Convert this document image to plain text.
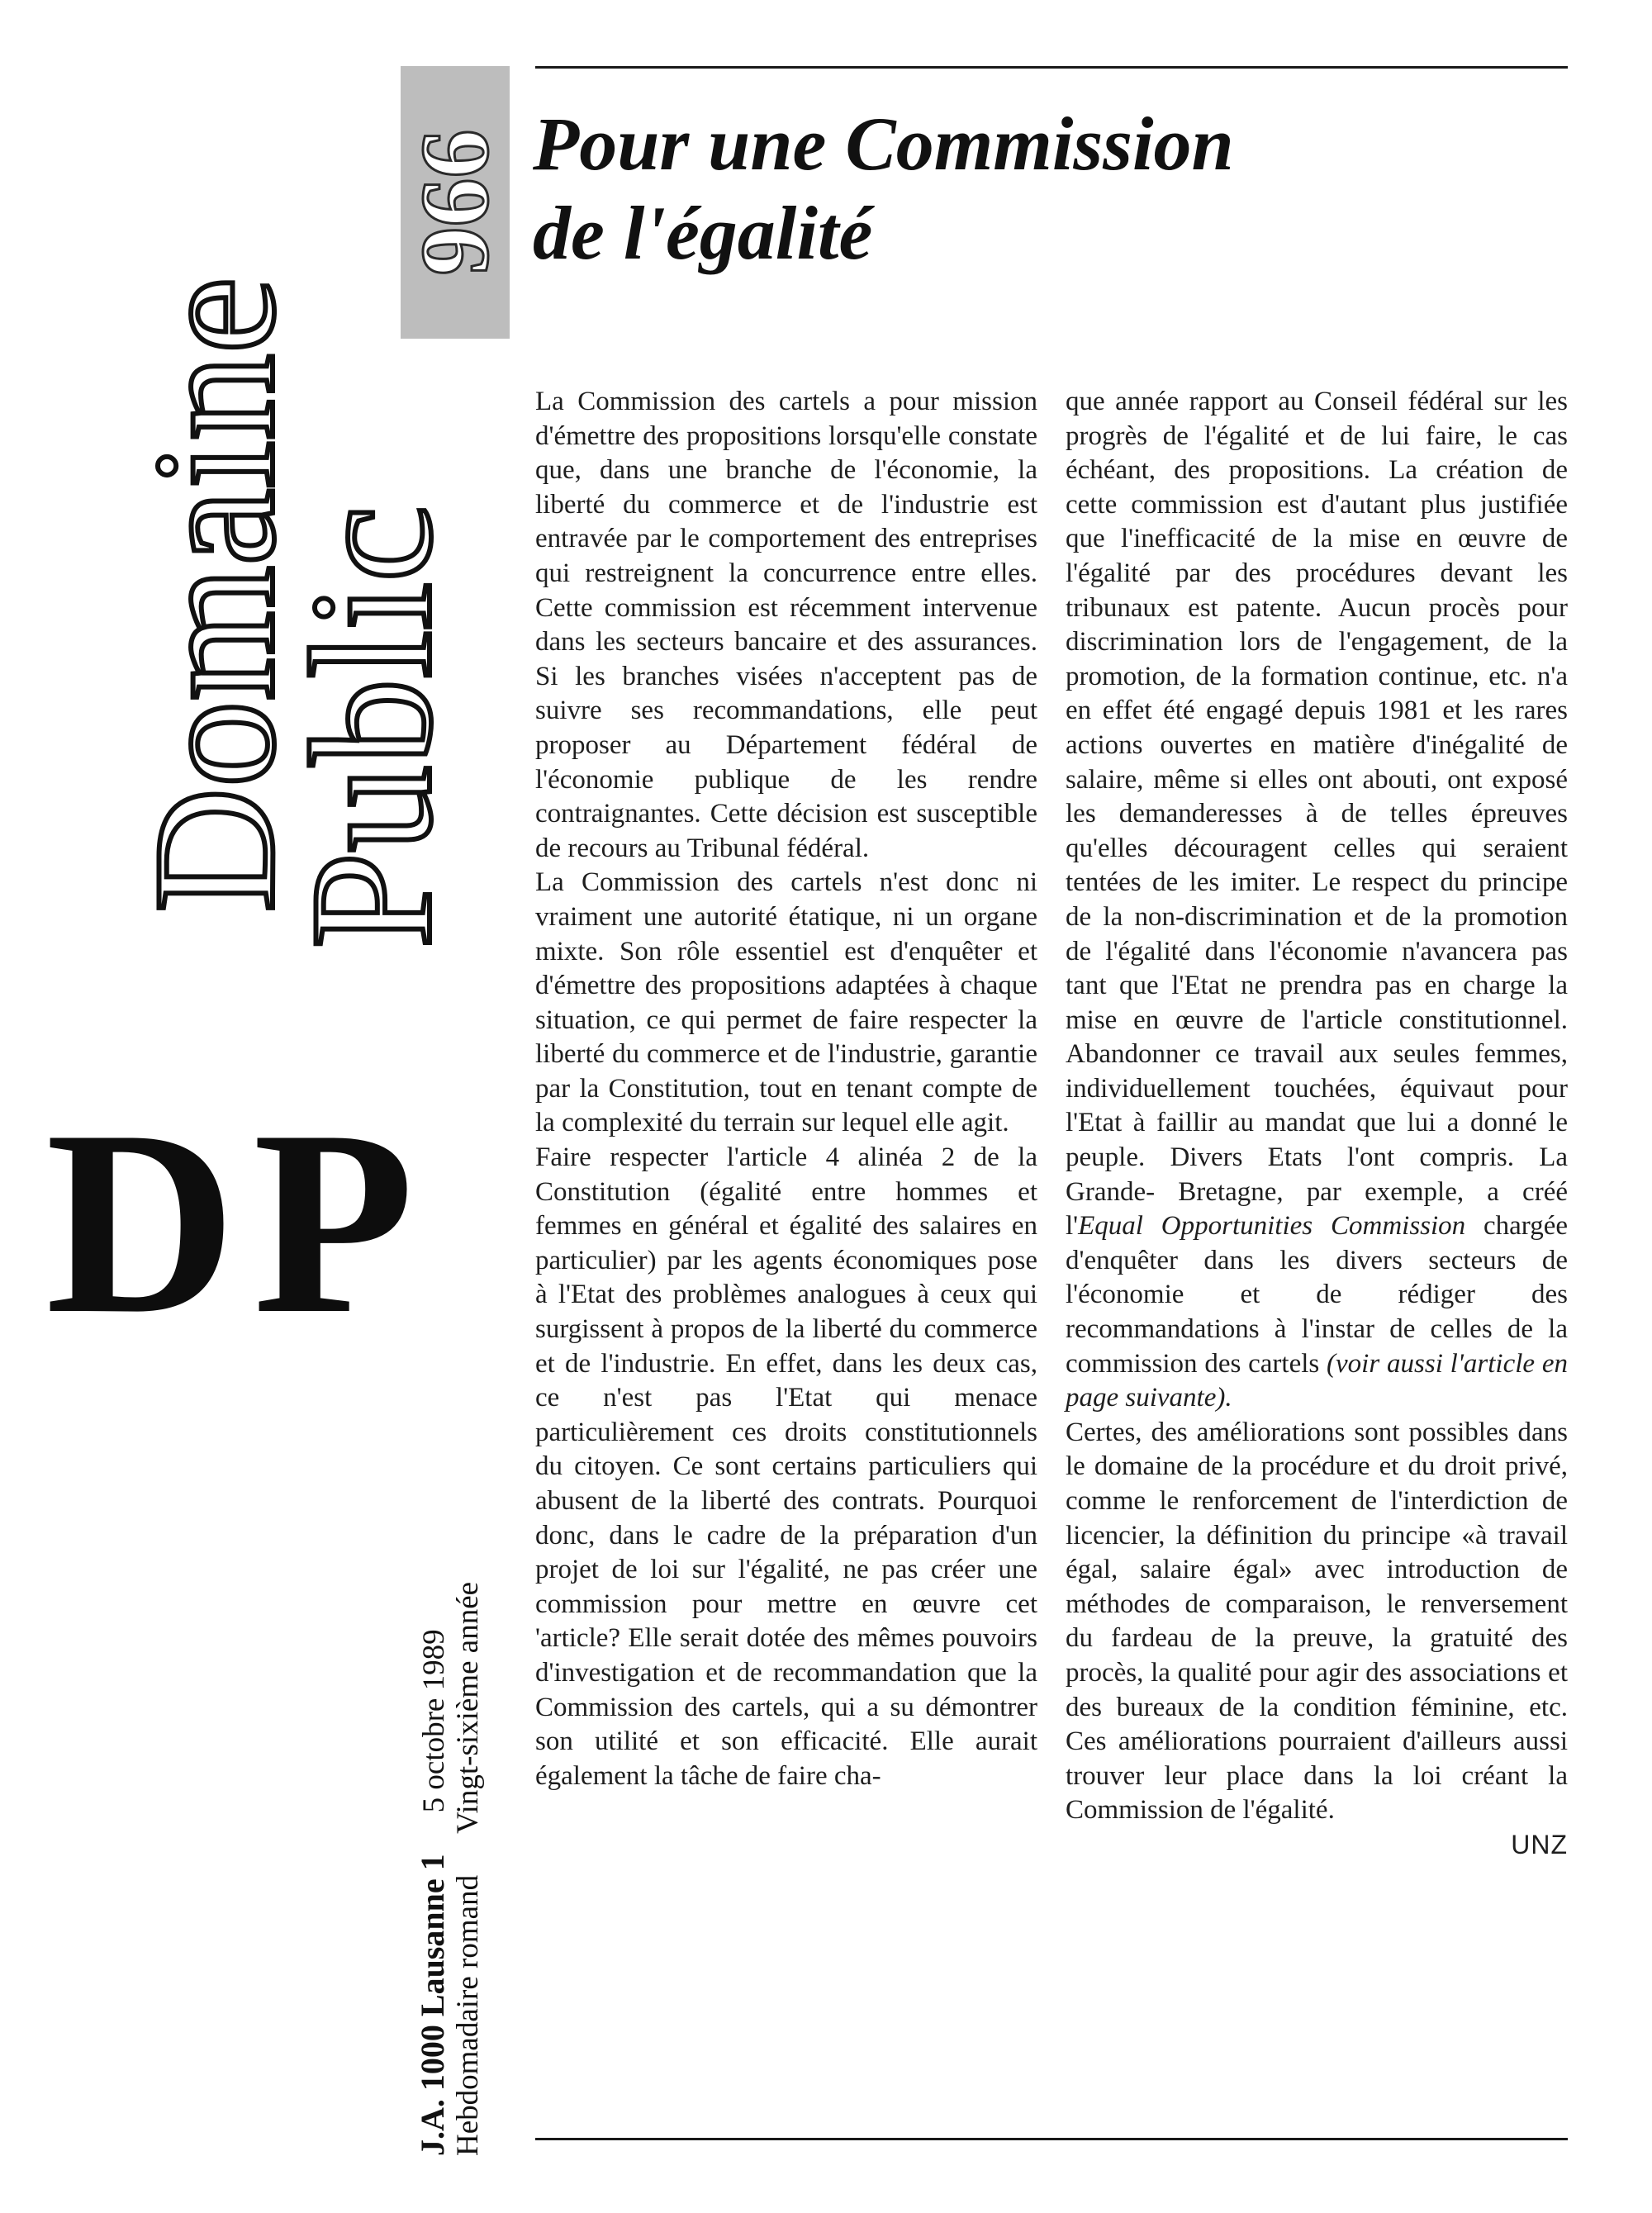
Domaine
Public
966
DP
J.A. 1000 Lausanne 1
5 octobre 1989
Hebdomadaire romand
Vingt-sixième année
Pour une Commission
de l'égalité

La Commission des cartels a pour mission d'émettre des propositions lorsqu'elle constate que, dans une branche de l'économie, la liberté du commerce et de l'industrie est entravée par le comportement des entreprises qui restreignent la concurrence entre elles. Cette commission est récemment intervenue dans les secteurs bancaire et des assurances. Si les branches visées n'acceptent pas de suivre ses recommandations, elle peut proposer au Département fédéral de l'économie publique de les rendre contraignantes. Cette décision est susceptible de recours au Tribunal fédéral.

La Commission des cartels n'est donc ni vraiment une autorité étatique, ni un organe mixte. Son rôle essentiel est d'enquêter et d'émettre des propositions adaptées à chaque situation, ce qui permet de faire respecter la liberté du commerce et de l'industrie, garantie par la Constitution, tout en tenant compte de la complexité du terrain sur lequel elle agit.

Faire respecter l'article 4 alinéa 2 de la Constitution (égalité entre hommes et femmes en général et égalité des salaires en particulier) par les agents économiques pose à l'Etat des problèmes analogues à ceux qui surgissent à propos de la liberté du commerce et de l'industrie. En effet, dans les deux cas, ce n'est pas l'Etat qui menace particulièrement ces droits constitutionnels du citoyen. Ce sont certains particuliers qui abusent de la liberté des contrats. Pourquoi donc, dans le cadre de la préparation d'un projet de loi sur l'égalité, ne pas créer une commission pour mettre en œuvre cet 'article? Elle serait dotée des mêmes pouvoirs d'investigation et de recommandation que la Commission des cartels, qui a su démontrer son utilité et son efficacité. Elle aurait également la tâche de faire cha-

que année rapport au Conseil fédéral sur les progrès de l'égalité et de lui faire, le cas échéant, des propositions. La création de cette commission est d'autant plus justifiée que l'inefficacité de la mise en œuvre de l'égalité par des procédures devant les tribunaux est patente. Aucun procès pour discrimination lors de l'engagement, de la promotion, de la formation continue, etc. n'a en effet été engagé depuis 1981 et les rares actions ouvertes en matière d'inégalité de salaire, même si elles ont abouti, ont exposé les demanderesses à de telles épreuves qu'elles découragent celles qui seraient tentées de les imiter. Le respect du principe de la non-discrimination et de la promotion de l'égalité dans l'économie n'avancera pas tant que l'Etat ne prendra pas en charge la mise en œuvre de l'article constitutionnel. Abandonner ce travail aux seules femmes, individuellement touchées, équivaut pour l'Etat à faillir au mandat que lui a donné le peuple. Divers Etats l'ont compris. La Grande- Bretagne, par exemple, a créé l'Equal Opportunities Commission chargée d'enquêter dans les divers secteurs de l'économie et de rédiger des recommandations à l'instar de celles de la commission des cartels (voir aussi l'article en page suivante).

Certes, des améliorations sont possibles dans le domaine de la procédure et du droit privé, comme le renforcement de l'interdiction de licencier, la définition du principe «à travail égal, salaire égal» avec introduction de méthodes de comparaison, le renversement du fardeau de la preuve, la gratuité des procès, la qualité pour agir des associations et des bureaux de la condition féminine, etc. Ces améliorations pourraient d'ailleurs aussi trouver leur place dans la loi créant la Commission de l'égalité.

UNZ
